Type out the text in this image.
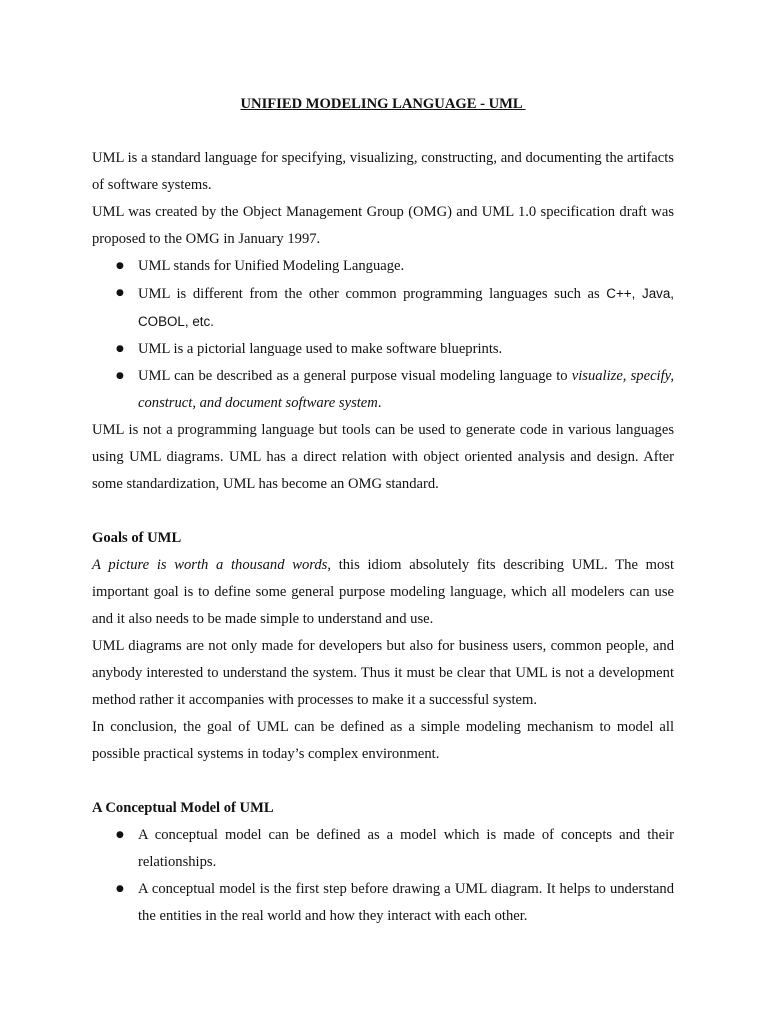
UNIFIED MODELING LANGUAGE - UML

UML is a standard language for specifying, visualizing, constructing, and documenting the artifacts of software systems.

UML was created by the Object Management Group (OMG) and UML 1.0 specification draft was proposed to the OMG in January 1997.

● UML stands for Unified Modeling Language.
● UML is different from the other common programming languages such as C++, Java, COBOL, etc.
● UML is a pictorial language used to make software blueprints.
● UML can be described as a general purpose visual modeling language to visualize, specify, construct, and document software system.

UML is not a programming language but tools can be used to generate code in various languages using UML diagrams. UML has a direct relation with object oriented analysis and design. After some standardization, UML has become an OMG standard.

Goals of UML

A picture is worth a thousand words, this idiom absolutely fits describing UML. The most important goal is to define some general purpose modeling language, which all modelers can use and it also needs to be made simple to understand and use.

UML diagrams are not only made for developers but also for business users, common people, and anybody interested to understand the system. Thus it must be clear that UML is not a development method rather it accompanies with processes to make it a successful system.

In conclusion, the goal of UML can be defined as a simple modeling mechanism to model all possible practical systems in today’s complex environment.

A Conceptual Model of UML
● A conceptual model can be defined as a model which is made of concepts and their relationships.
● A conceptual model is the first step before drawing a UML diagram. It helps to understand the entities in the real world and how they interact with each other.
